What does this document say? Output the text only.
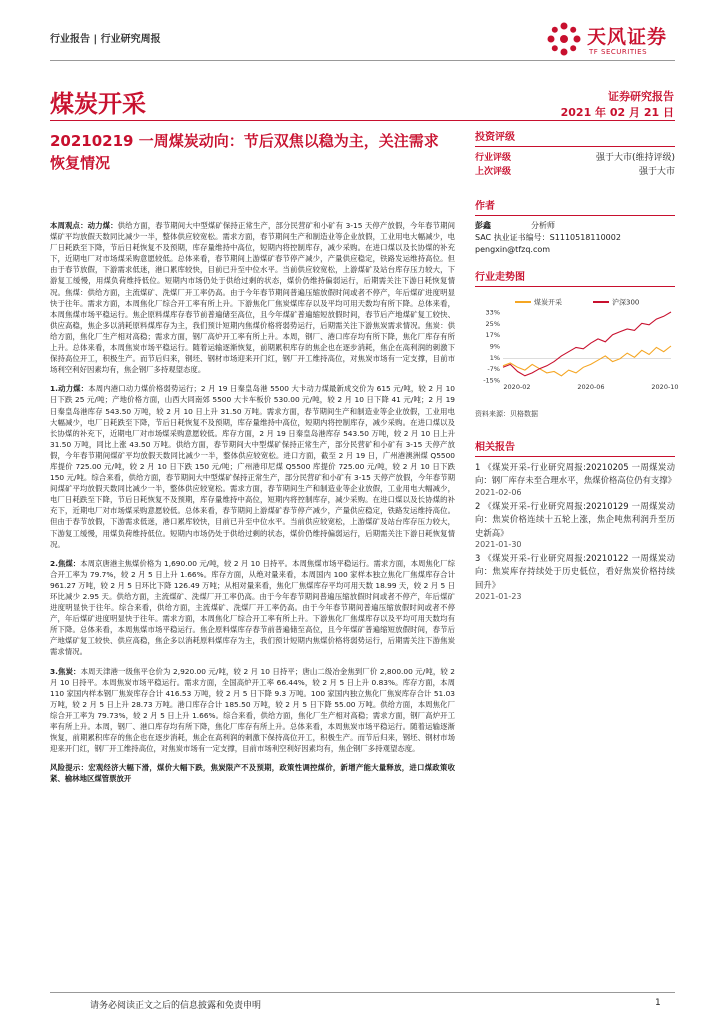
行业报告 | 行业研究周报	天风证券
TF SECURITIES
煤炭开采	证券研究报告
2021 年 02 月 21 日
20210219 一周煤炭动向：节后双焦以稳为主，关注需求恢复情况

本周观点：动力煤：供给方面，春节期间大中型煤矿保持正常生产，部分民营矿和小矿有 3-15 天停产放假，今年春节期间煤矿平均放假天数同比减少一半，整体供应较宽松。需求方面，春节期间生产和制造业等企业放假，工业用电大幅减少，电厂日耗跌至下降，节后日耗恢复不及预期，库存量维持中高位，短期内将控制库存，减少采购。在进口煤以及长协煤的补充下，近期电厂对市场煤采购意愿较低。总体来看，春节期间上游煤矿春节停产减少，产量供应稳定，铁路发运维持高位。但由于春节放假，下游需求低迷，港口累库较快，目前已升至中位水平。当前供应较宽松，上游煤矿及站台库存压力较大，下游复工缓慢，用煤负荷维持低位。短期内市场仍处于供给过剩的状态，煤价仍维持偏弱运行，后期需关注下游日耗恢复情况。焦煤：供给方面，主流煤矿、洗煤厂开工率仍高。由于今年春节期间普遍压缩放假时间或者不停产，年后煤矿进度明显快于往年。需求方面，本周焦化厂综合开工率有所上升。下游焦化厂焦炭煤库存以及平均可用天数均有所下降。总体来看，本周焦煤市场平稳运行。焦企原料煤库存春节前普遍储至高位，且今年煤矿普遍缩短放假时间，春节后产地煤矿复工较快、供应高稳，焦企多以消耗原料煤库存为主，我们预计短期内焦煤价格将弱势运行，后期需关注下游焦炭需求情况。焦炭：供给方面，焦化厂生产相对高稳；需求方面，钢厂高炉开工率有所上升。本周，钢厂、港口库存均有所下降，焦化厂库存有所上升。总体来看，本周焦炭市场平稳运行。随着运输逐渐恢复，前期累积库存的焦企也在逐步消耗，焦企在高利润的刺激下保持高位开工，积极生产。而节后归来，钢坯、钢材市场迎来开门红，钢厂开工维持高位，对焦炭市场有一定支撑，目前市场利空利好因素均有，焦企钢厂多持观望态度。

1.动力煤：本周内港口动力煤价格弱势运行；2 月 19 日秦皇岛港 5500 大卡动力煤最新成交价为 615 元/吨，较 2 月 10 日下跌 25 元/吨；产地价格方面，山西大同南郊 5500 大卡车板价 530.00 元/吨，较 2 月 10 日下降 41 元/吨；2 月 19 日秦皇岛港库存 543.50 万吨，较 2 月 10 日上升 31.50 万吨。需求方面，春节期间生产和制造业等企业放假，工业用电大幅减少，电厂日耗跌至下降，节后日耗恢复不及预期，库存量维持中高位，短期内将控制库存，减少采购。在进口煤以及长协煤的补充下，近期电厂对市场煤采购意愿较低。库存方面，2 月 19 日秦皇岛港库存 543.50 万吨，较 2 月 10 日上升 31.50 万吨，同比上涨 43.50 万吨。供给方面，春节期间大中型煤矿保持正常生产，部分民营矿和小矿有 3-15 天停产放假，今年春节期间煤矿平均放假天数同比减少一半，整体供应较宽松。进口方面，截至 2 月 19 日，广州港澳洲煤 Q5500 库提价 725.00 元/吨，较 2 月 10 日下跌 150 元/吨；广州港印尼煤 Q5500 库提价 725.00 元/吨，较 2 月 10 日下跌 150 元/吨。综合来看，供给方面，春节期间大中型煤矿保持正常生产，部分民营矿和小矿有 3-15 天停产放假，今年春节期间煤矿平均放假天数同比减少一半，整体供应较宽松。需求方面，春节期间生产和制造业等企业放假，工业用电大幅减少，电厂日耗跌至下降，节后日耗恢复不及预期，库存量维持中高位，短期内将控制库存，减少采购。在进口煤以及长协煤的补充下，近期电厂对市场煤采购意愿较低。总体来看，春节期间上游煤矿春节停产减少，产量供应稳定，铁路发运维持高位。但由于春节放假，下游需求低迷，港口累库较快，目前已升至中位水平。当前供应较宽松，上游煤矿及站台库存压力较大，下游复工缓慢，用煤负荷维持低位。短期内市场仍处于供给过剩的状态，煤价仍维持偏弱运行，后期需关注下游日耗恢复情况。

2.焦煤：本周京唐港主焦煤价格为 1,690.00 元/吨，较 2 月 10 日持平。本周焦煤市场平稳运行。需求方面，本周焦化厂综合开工率为 79.7%，较 2 月 5 日上升 1.66%。库存方面，从绝对量来看，本周国内 100 家样本独立焦化厂焦煤库存合计 961.27 万吨，较 2 月 5 日环比下降 126.49 万吨；从相对量来看，焦化厂焦煤库存平均可用天数 18.99 天，较 2 月 5 日环比减少 2.95 天。供给方面，主流煤矿、洗煤厂开工率仍高。由于今年春节期间普遍压缩放假时间或者不停产，年后煤矿进度明显快于往年。综合来看，供给方面，主流煤矿、洗煤厂开工率仍高。由于今年春节期间普遍压缩放假时间或者不停产，年后煤矿进度明显快于往年。需求方面，本周焦化厂综合开工率有所上升。下游焦化厂焦煤库存以及平均可用天数均有所下降。总体来看，本周焦煤市场平稳运行。焦企原料煤库存春节前普遍储至高位，且今年煤矿普遍缩短放假时间，春节后产地煤矿复工较快、供应高稳，焦企多以消耗原料煤库存为主，我们预计短期内焦煤价格将弱势运行，后期需关注下游焦炭需求情况。

3.焦炭：本周天津港一级焦平仓价为 2,920.00 元/吨，较 2 月 10 日持平；唐山二级冶金焦到厂价 2,800.00 元/吨，较 2 月 10 日持平。本周焦炭市场平稳运行。需求方面，全国高炉开工率 66.44%，较 2 月 5 日上升 0.83%。库存方面，本周 110 家国内样本钢厂焦炭库存合计 416.53 万吨，较 2 月 5 日下降 9.3 万吨。100 家国内独立焦化厂焦炭库存合计 51.03 万吨，较 2 月 5 日上升 28.73 万吨。港口库存合计 185.50 万吨，较 2 月 5 日下降 55.00 万吨。供给方面，本周焦化厂综合开工率为 79.73%，较 2 月 5 日上升 1.66%。综合来看，供给方面，焦化厂生产相对高稳；需求方面，钢厂高炉开工率有所上升。本周，钢厂、港口库存均有所下降，焦化厂库存有所上升。总体来看，本周焦炭市场平稳运行。随着运输逐渐恢复，前期累积库存的焦企也在逐步消耗，焦企在高利润的刺激下保持高位开工，积极生产。而节后归来，钢坯、钢材市场迎来开门红，钢厂开工维持高位，对焦炭市场有一定支撑，目前市场利空利好因素均有，焦企钢厂多持观望态度。

风险提示：宏观经济大幅下滑，煤价大幅下跌，焦炭限产不及预期，政策性调控煤价，新增产能大量释放，进口煤政策收紧、榆林地区煤管票放开

投资评级
行业评级	强于大市(维持评级)
上次评级	强于大市
作者
彭鑫	分析师
SAC 执业证书编号：S1110518110002
pengxin@tfzq.com
行业走势图
33%
25%
17%
9%
1%
-7%
-15%
2020-02	2020-06	2020-10
煤炭开采	沪深300
资料来源：贝格数据
相关报告
1 《煤炭开采-行业研究周报:20210205 一周煤炭动向：钢厂库存未至合理水平，焦煤价格高位仍有支撑》
2021-02-06
2 《煤炭开采-行业研究周报:20210129 一周煤炭动向：焦炭价格连续十五轮上涨，焦企吨焦利润升至历史新高》
2021-01-30
3 《煤炭开采-行业研究周报:20210122 一周煤炭动向：焦炭库存持续处于历史低位，看好焦炭价格持续回升》
2021-01-23
请务必阅读正文之后的信息披露和免责申明	1
